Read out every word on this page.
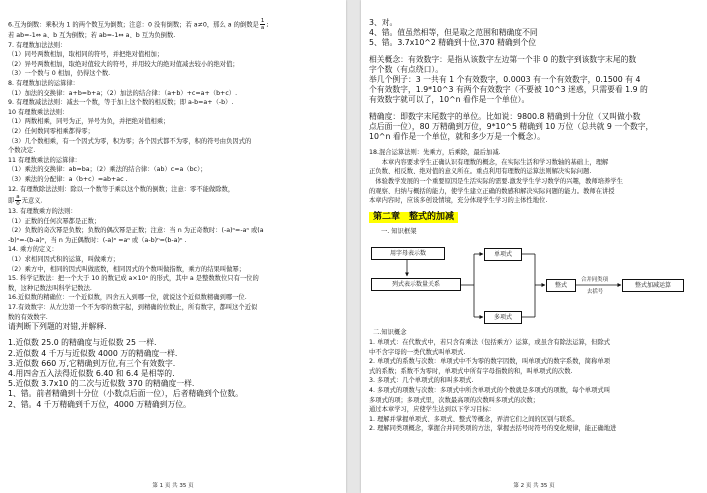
6.互为倒数：乘积为 1 的两个数互为倒数；注意：0 没有倒数；若 a≠0，那么 a 的倒数是 $\frac{1}{a}$ ;
若 ab=-1⇔ a、b 互为倒数；若 ab=-1⇔ a、b 互为负倒数.
7. 有理数加法法则：
（1）同号两数相加，取相同的符号，并把绝对值相加；
（2）异号两数相加，取绝对值较大的符号，并用较大的绝对值减去较小的绝对值；
（3）一个数与 0 相加，仍得这个数.
8. 有理数加法的运算律：
（1）加法的交换律：a+b=b+a；（2）加法的结合律：（a+b）+c=a+（b+c）.
9. 有理数减法法则：减去一个数，等于加上这个数的相反数；即 a-b=a+（-b）.
10 有理数乘法法则：
（1）两数相乘，同号为正，异号为负，并把绝对值相乘；
（2）任何数同零相乘都得零；
（3）几个数相乘，有一个因式为零，积为零；各个因式都不为零，积的符号由负因式的
个数决定.
11 有理数乘法的运算律：
（1）乘法的交换律：ab=ba；（2）乘法的结合律：（ab）c=a（bc）；
（3）乘法的分配律：a（b+c）=ab+ac .
12. 有理数除法法则：除以一个数等于乘以这个数的倒数；注意：零不能做除数，
即 $\frac{a}{0}$ 无意义.
13. 有理数乘方的法则：
（1）正数的任何次幂都是正数；
（2）负数的奇次幂是负数；负数的偶次幂是正数；注意：当 n 为正奇数时：(-a)ⁿ=-aⁿ 或(a
-b)ⁿ=-(b-a)ⁿ，当 n 为正偶数时：(-a)ⁿ =aⁿ 或（a-b)ⁿ=(b-a)ⁿ .
14. 乘方的定义：
（1）求相同因式积的运算，叫做乘方；
（2）乘方中，相同的因式叫做底数，相同因式的个数叫做指数，乘方的结果叫做幂；
15. 科学记数法：把一个大于 10 的数记成 a×10ⁿ 的形式，其中 a 是整数数位只有一位的
数，这种记数法叫科学记数法.
16.近似数的精确位：一个近似数，四舍五入到哪一位，就说这个近似数精确到哪一位.
17.有效数字：从左边第一个不为零的数字起，到精确的位数止，所有数字，都叫这个近似
数的有效数字.
请判断下列题的对错,并解释.
1.近似数 25.0 的精确度与近似数 25 一样.
2.近似数 4 千万与近似数 4000 万的精确度一样.
3.近似数 660 万,它精确到万位,有三个有效数字.
4.用四舍五入法得近似数 6.40 和 6.4 是相等的.
5.近似数 3.7x10 的二次与近似数 370 的精确度一样.
1、错。前者精确到十分位（小数点后面一位），后者精确到个位数。
2、错。4 千万精确到千万位，4000 万精确到万位。
第 1 页 共 35 页
3、对。
4、错。值虽然相等，但是取之范围和精确度不同
5、错。3.7x10^2 精确到十位,370 精确到个位
相关概念：有效数字：是指从该数字左边第一个非 0 的数字到该数字末尾的数
字个数（有点绕口）。
举几个例子：3 一共有 1 个有效数字，0.0003 有一个有效数字，0.1500 有 4
个有效数字，1.9*10^3 有两个有效数字（不要被 10^3 迷惑，只需要看 1.9 的
有效数字就可以了，10^n 看作是一个单位）。
精确度：即数字末尾数字的单位。比如说：9800.8 精确到十分位（又叫做小数
点后面一位），80 万精确到万位，9*10^5 精确到 10 万位（总共就 9 一个数字，
10^n 看作是一个单位，就和多少万是一个概念）。
18.混合运算法则：先乘方，后乘除，最后加减.
　　本章内容要求学生正确认识有理数的概念，在实际生活和学习数轴的基础上，理解
正负数、相反数、绝对值的意义所在。重点利用有理数的运算法则解决实际问题.
　体验教学发展的一个重要原因是生活实际的需要.激发学生学习数学的兴趣，教师培养学生
的观察、归纳与概括的能力，使学生建立正确的数感和解决实际问题的能力。教师在讲授
本章内容时，应该多创设情境，充分体现学生学习的主体性地位.
第二章　整式的加减
一. 知识框架
用字母表示数
列式表示数量关系
单项式
多项式
整式	整式加减运算
合并同类项
去括号
二.知识概念
1. 单项式：在代数式中，若只含有乘法（包括乘方）运算，或虽含有除法运算，但除式
中不含字母的一类代数式叫单项式.
2. 单项式的系数与次数：单项式中不为零的数字因数，叫单项式的数字系数，简称单项
式的系数；系数不为零时，单项式中所有字母指数的和，叫单项式的次数.
3. 多项式：几个单项式的和叫多项式.
4. 多项式的项数与次数：多项式中所含单项式的个数就是多项式的项数，每个单项式叫
多项式的项；多项式里，次数最高项的次数叫多项式的次数；
通过本章学习，应使学生达到以下学习目标：
1. 理解并掌握单项式、多项式、整式等概念，弄清它们之间的区别与联系。
2. 理解同类项概念，掌握合并同类项的方法，掌握去括号时符号的变化规律，能正确地进
第 2 页 共 35 页
